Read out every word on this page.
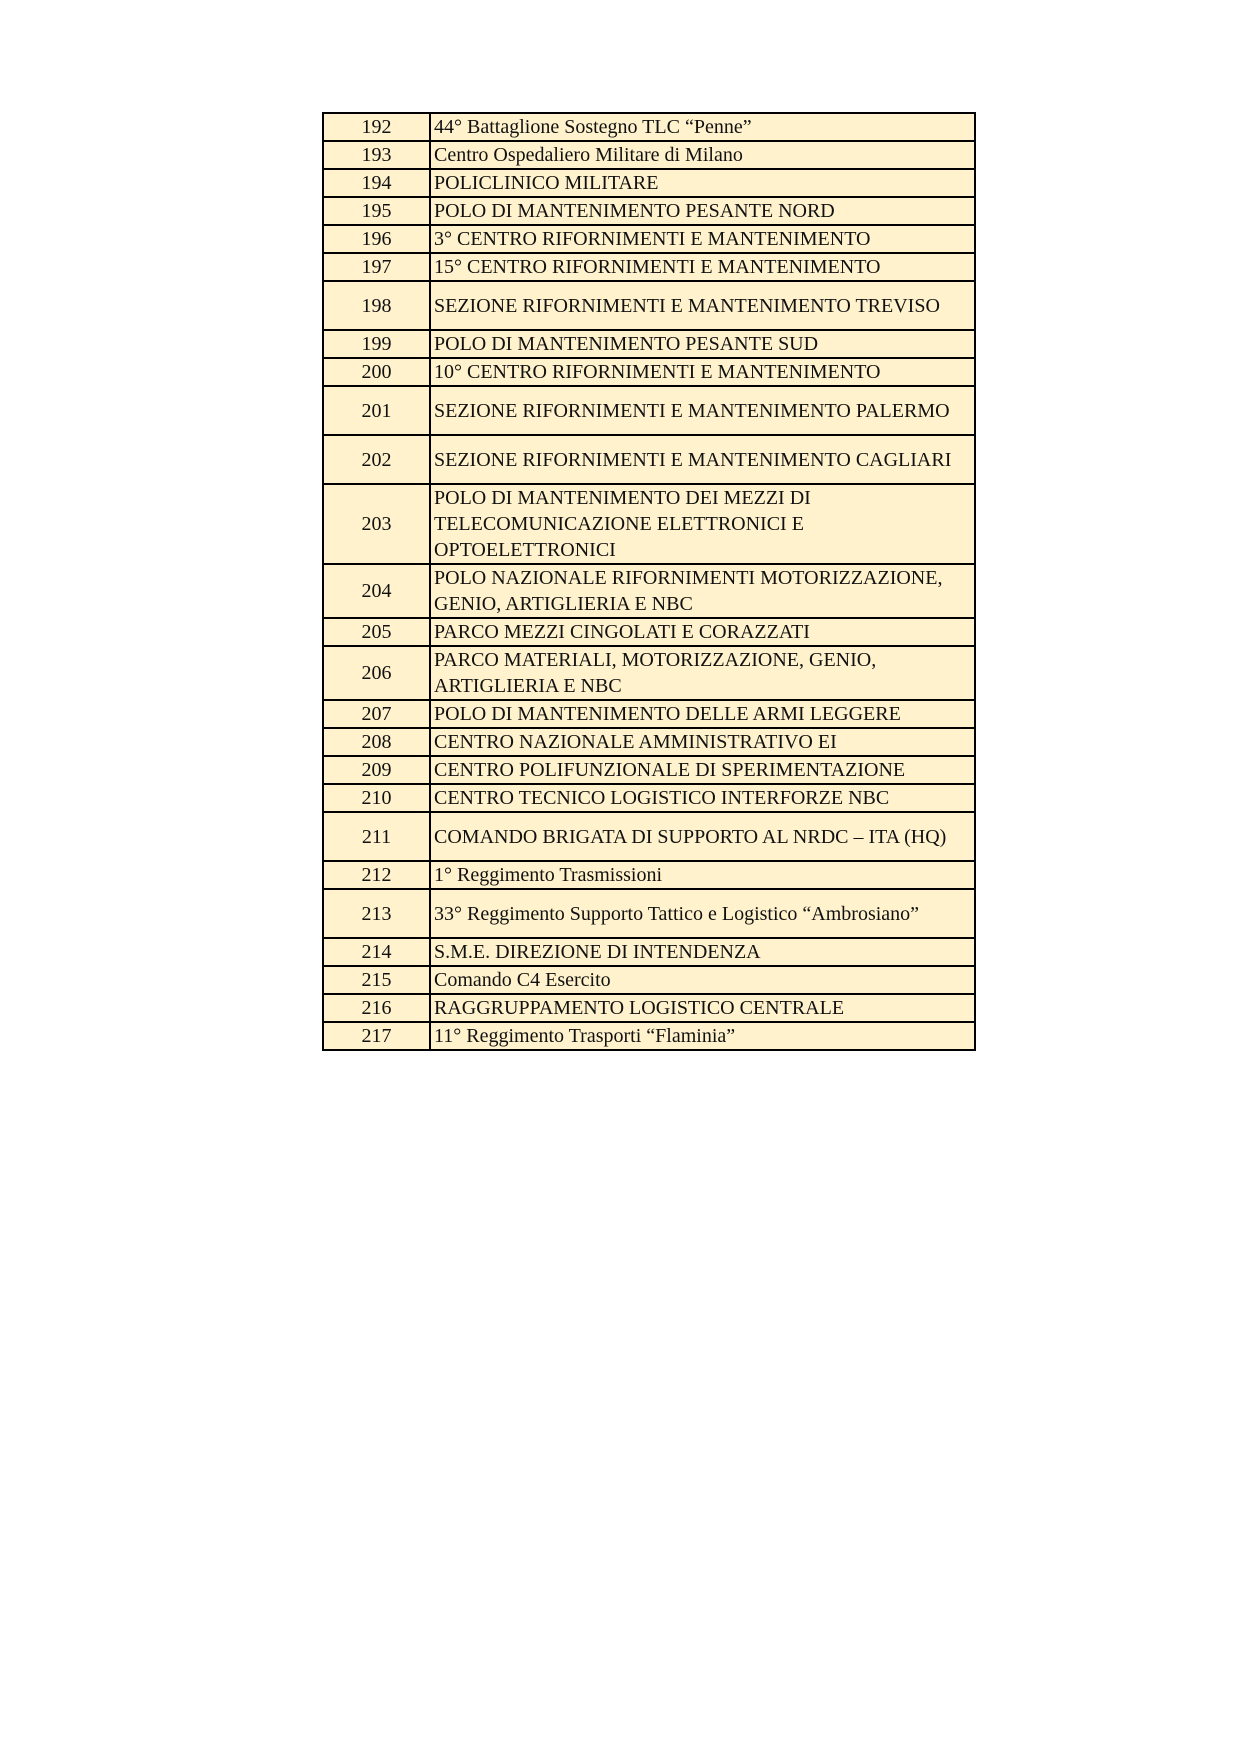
192	44° Battaglione Sostegno TLC “Penne”
193	Centro Ospedaliero Militare di Milano
194	POLICLINICO MILITARE
195	POLO DI MANTENIMENTO PESANTE NORD
196	3° CENTRO RIFORNIMENTI E MANTENIMENTO
197	15° CENTRO RIFORNIMENTI E MANTENIMENTO
198	SEZIONE RIFORNIMENTI E MANTENIMENTO TREVISO
199	POLO DI MANTENIMENTO PESANTE SUD
200	10° CENTRO RIFORNIMENTI E MANTENIMENTO
201	SEZIONE RIFORNIMENTI E MANTENIMENTO PALERMO
202	SEZIONE RIFORNIMENTI E MANTENIMENTO CAGLIARI
203	POLO DI MANTENIMENTO DEI MEZZI DI TELECOMUNICAZIONE ELETTRONICI E OPTOELETTRONICI
204	POLO NAZIONALE RIFORNIMENTI MOTORIZZAZIONE, GENIO, ARTIGLIERIA E NBC
205	PARCO MEZZI CINGOLATI E CORAZZATI
206	PARCO MATERIALI, MOTORIZZAZIONE, GENIO, ARTIGLIERIA E NBC
207	POLO DI MANTENIMENTO DELLE ARMI LEGGERE
208	CENTRO NAZIONALE AMMINISTRATIVO EI
209	CENTRO POLIFUNZIONALE DI SPERIMENTAZIONE
210	CENTRO TECNICO LOGISTICO INTERFORZE NBC
211	COMANDO BRIGATA DI SUPPORTO AL NRDC – ITA (HQ)
212	1° Reggimento Trasmissioni
213	33° Reggimento Supporto Tattico e Logistico “Ambrosiano”
214	S.M.E. DIREZIONE DI INTENDENZA
215	Comando C4 Esercito
216	RAGGRUPPAMENTO LOGISTICO CENTRALE
217	11° Reggimento Trasporti “Flaminia”
